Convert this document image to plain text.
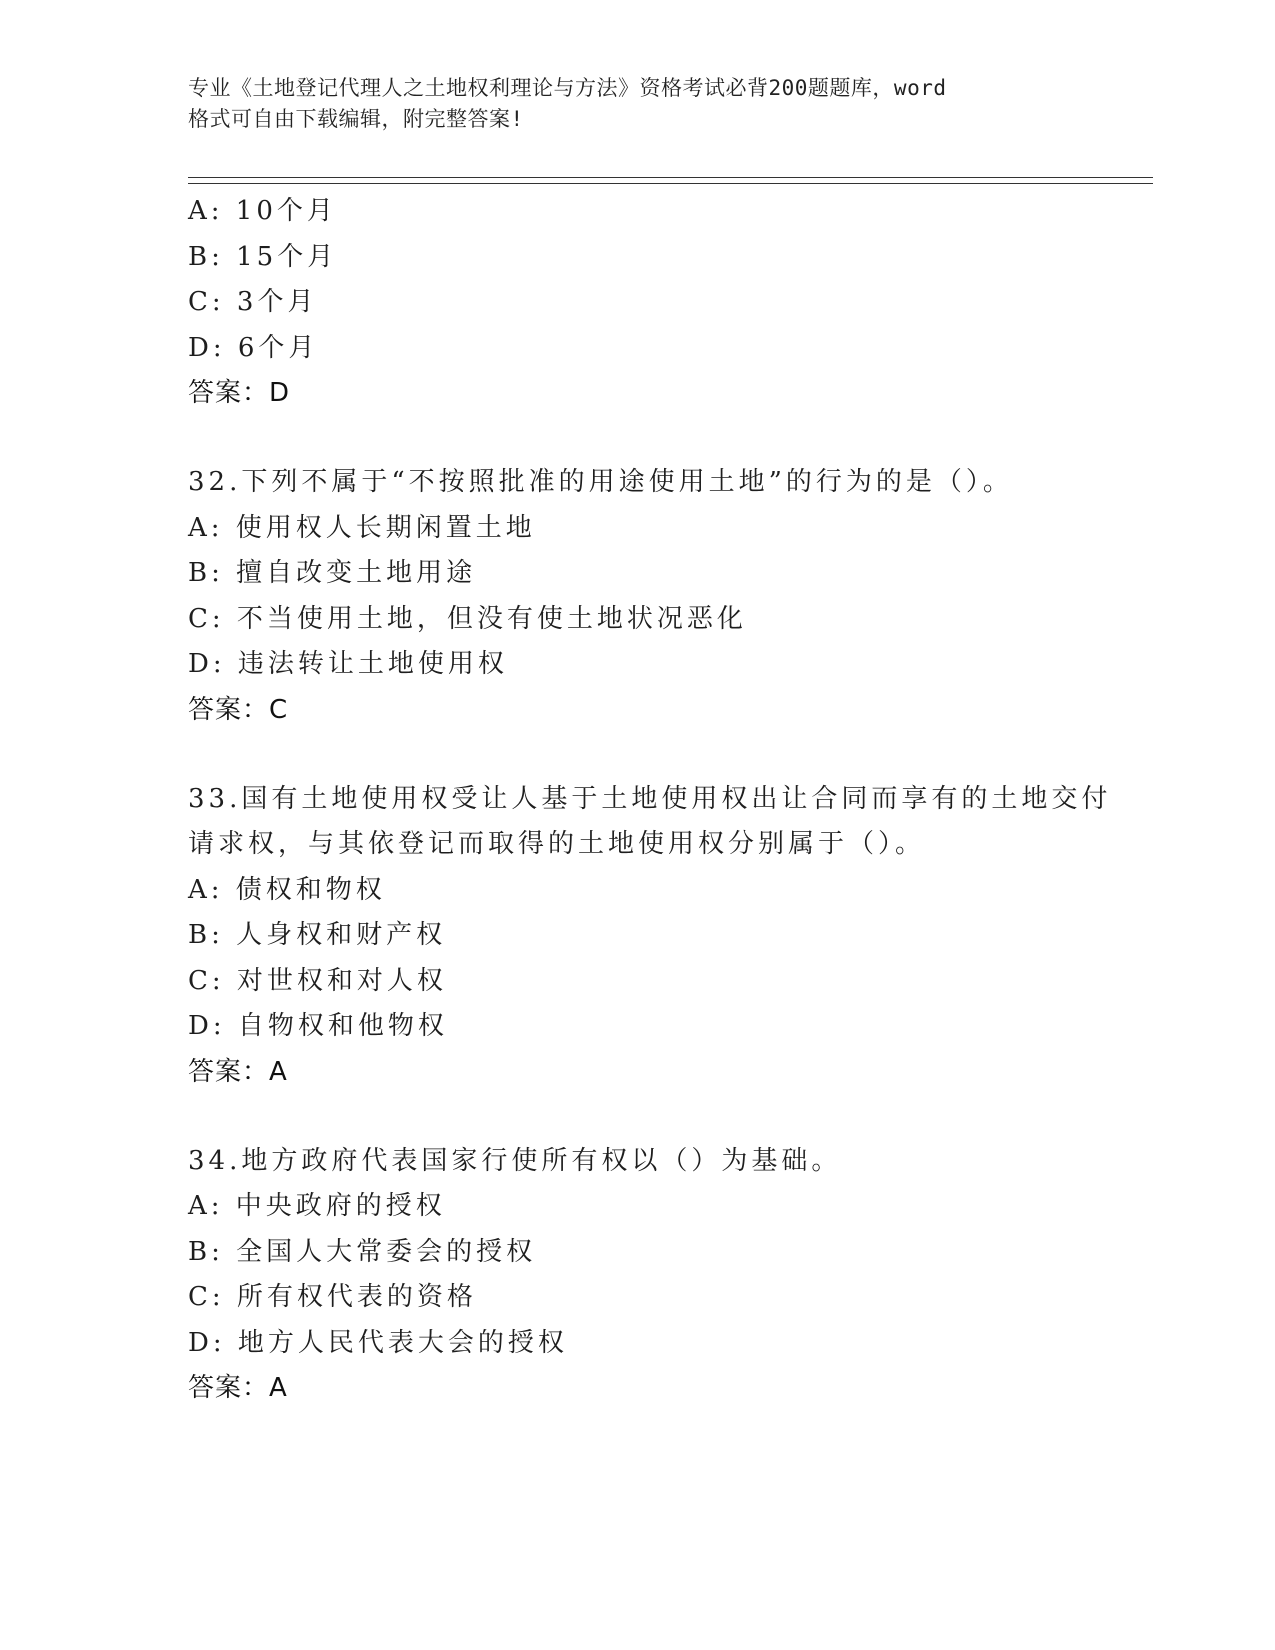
专业《土地登记代理人之土地权利理论与方法》资格考试必背200题题库，word
格式可自由下载编辑，附完整答案!
A: 10个月
B: 15个月
C: 3个月
D: 6个月
答案：D
32.下列不属于“不按照批准的用途使用土地”的行为的是（）。
A: 使用权人长期闲置土地
B: 擅自改变土地用途
C: 不当使用土地，但没有使土地状况恶化
D: 违法转让土地使用权
答案：C
33.国有土地使用权受让人基于土地使用权出让合同而享有的土地交付
请求权，与其依登记而取得的土地使用权分别属于（）。
A: 债权和物权
B: 人身权和财产权
C: 对世权和对人权
D: 自物权和他物权
答案：A
34.地方政府代表国家行使所有权以（）为基础。
A: 中央政府的授权
B: 全国人大常委会的授权
C: 所有权代表的资格
D: 地方人民代表大会的授权
答案：A
